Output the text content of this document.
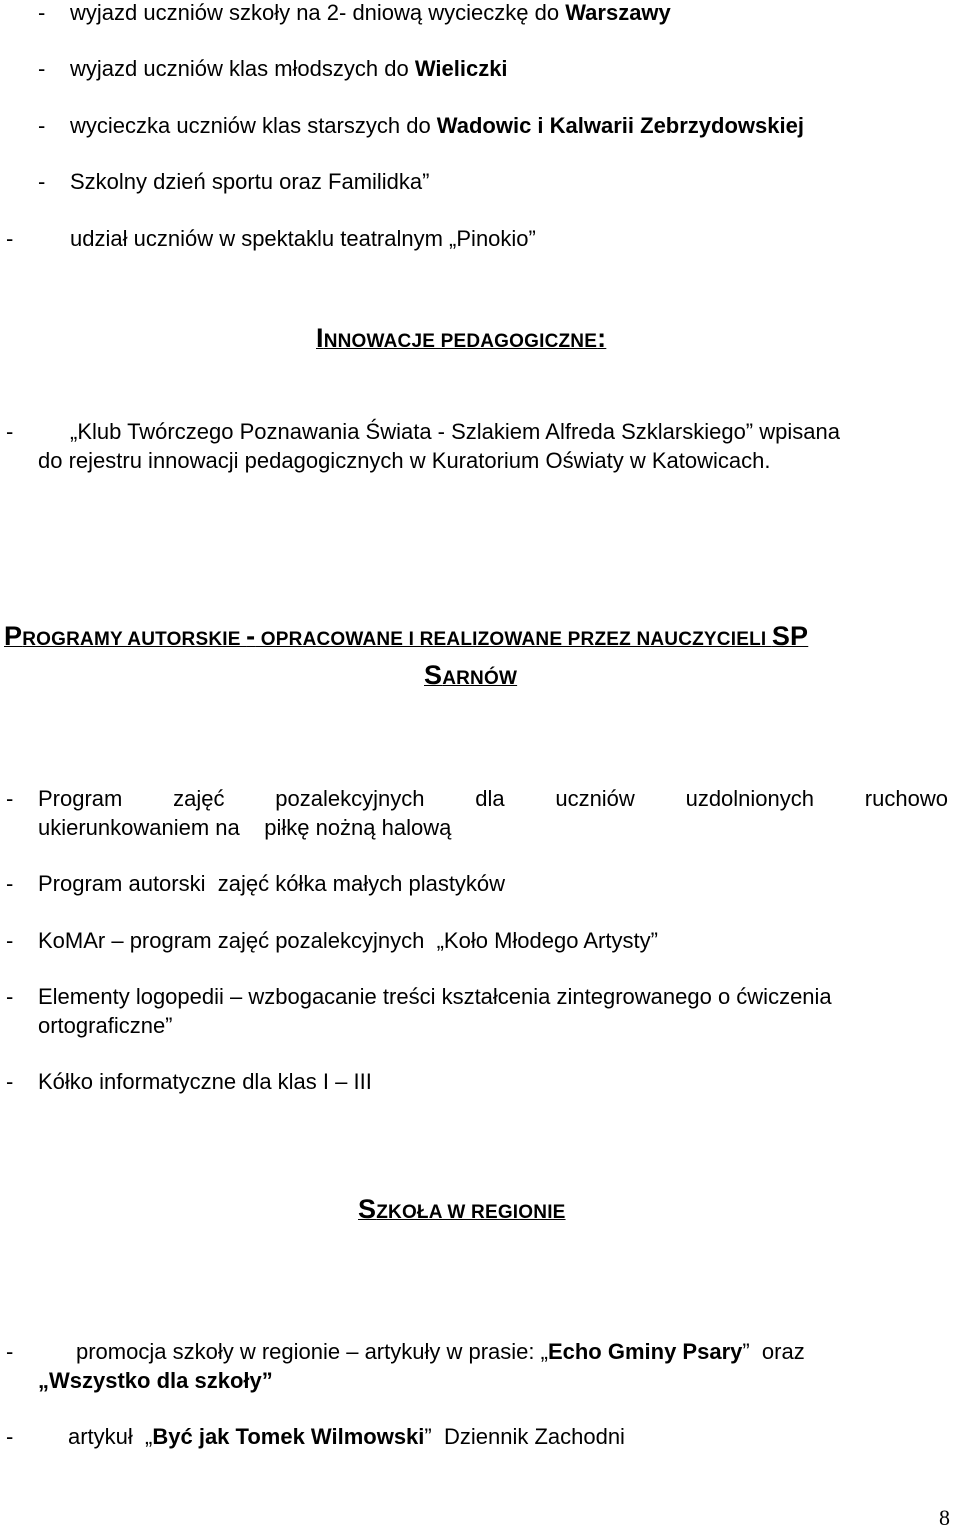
- wyjazd uczniów szkoły na 2- dniową wycieczkę do Warszawy
- wyjazd uczniów klas młodszych do Wieliczki
- wycieczka uczniów klas starszych do Wadowic i Kalwarii Zebrzydowskiej
- Szkolny dzień sportu oraz Familidka”
-	udział uczniów w spektaklu teatralnym „Pinokio”
INNOWACJE PEDAGOGICZNE:
-	„Klub Twórczego Poznawania Świata - Szlakiem Alfreda Szklarskiego” wpisana
do rejestru innowacji pedagogicznych w Kuratorium Oświaty w Katowicach.
PROGRAMY AUTORSKIE - OPRACOWANE I REALIZOWANE PRZEZ NAUCZYCIELI SP
SARNÓW
- Program zajęć pozalekcyjnych dla uczniów uzdolnionych ruchowo
ukierunkowaniem na    piłkę nożną halową
- Program autorski  zajęć kółka małych plastyków
- KoMAr – program zajęć pozalekcyjnych  „Koło Młodego Artysty”
- Elementy logopedii – wzbogacanie treści kształcenia zintegrowanego o ćwiczenia
ortograficzne”
- Kółko informatyczne dla klas I – III
SZKOŁA W REGIONIE
-	promocja szkoły w regionie – artykuły w prasie: „Echo Gminy Psary”  oraz
„Wszystko dla szkoły”
- artykuł  „Być jak Tomek Wilmowski”  Dziennik Zachodni
8
